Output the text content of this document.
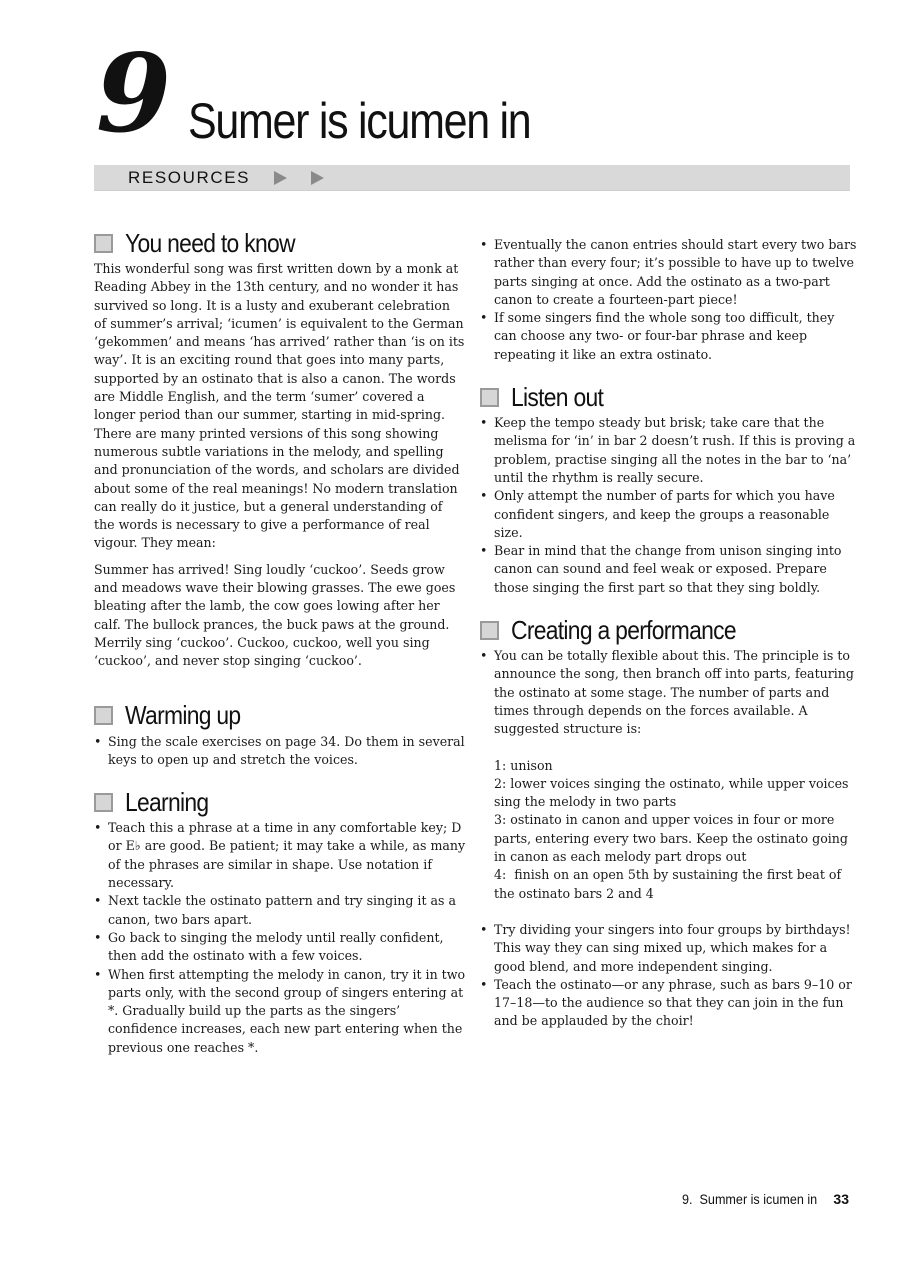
9 Sumer is icumen in
RESOURCES
You need to know

This wonderful song was first written down by a monk at Reading Abbey in the 13th century, and no wonder it has survived so long. It is a lusty and exuberant celebration of summer’s arrival; ‘icumen’ is equivalent to the German ‘gekommen’ and means ‘has arrived’ rather than ‘is on its way’. It is an exciting round that goes into many parts, supported by an ostinato that is also a canon. The words are Middle English, and the term ‘sumer’ covered a longer period than our summer, starting in mid-spring. There are many printed versions of this song showing numerous subtle variations in the melody, and spelling and pronunciation of the words, and scholars are divided about some of the real meanings! No modern translation can really do it justice, but a general understanding of the words is necessary to give a performance of real vigour. They mean:

Summer has arrived! Sing loudly ‘cuckoo’. Seeds grow and meadows wave their blowing grasses. The ewe goes bleating after the lamb, the cow goes lowing after her calf. The bullock prances, the buck paws at the ground. Merrily sing ‘cuckoo’. Cuckoo, cuckoo, well you sing ‘cuckoo’, and never stop singing ‘cuckoo’.

Warming up
• Sing the scale exercises on page 34. Do them in several keys to open up and stretch the voices.
Learning
• Teach this a phrase at a time in any comfortable key; D or E♭ are good. Be patient; it may take a while, as many of the phrases are similar in shape. Use notation if necessary.
• Next tackle the ostinato pattern and try singing it as a canon, two bars apart.
• Go back to singing the melody until really confident, then add the ostinato with a few voices.
• When first attempting the melody in canon, try it in two parts only, with the second group of singers entering at *. Gradually build up the parts as the singers’ confidence increases, each new part entering when the previous one reaches *.
• Eventually the canon entries should start every two bars rather than every four; it’s possible to have up to twelve parts singing at once. Add the ostinato as a two-part canon to create a fourteen-part piece!
• If some singers find the whole song too difficult, they can choose any two- or four-bar phrase and keep repeating it like an extra ostinato.
Listen out
• Keep the tempo steady but brisk; take care that the melisma for ‘in’ in bar 2 doesn’t rush. If this is proving a problem, practise singing all the notes in the bar to ‘na’ until the rhythm is really secure.
• Only attempt the number of parts for which you have confident singers, and keep the groups a reasonable size.
• Bear in mind that the change from unison singing into canon can sound and feel weak or exposed. Prepare those singing the first part so that they sing boldly.
Creating a performance
• You can be totally flexible about this. The principle is to announce the song, then branch off into parts, featuring the ostinato at some stage. The number of parts and times through depends on the forces available. A suggested structure is:
1: unison
2: lower voices singing the ostinato, while upper voices sing the melody in two parts
3: ostinato in canon and upper voices in four or more parts, entering every two bars. Keep the ostinato going in canon as each melody part drops out
4:  finish on an open 5th by sustaining the first beat of the ostinato bars 2 and 4
• Try dividing your singers into four groups by birthdays! This way they can sing mixed up, which makes for a good blend, and more independent singing.
• Teach the ostinato—or any phrase, such as bars 9–10 or 17–18—to the audience so that they can join in the fun and be applauded by the choir!
9.  Summer is icumen in 33
